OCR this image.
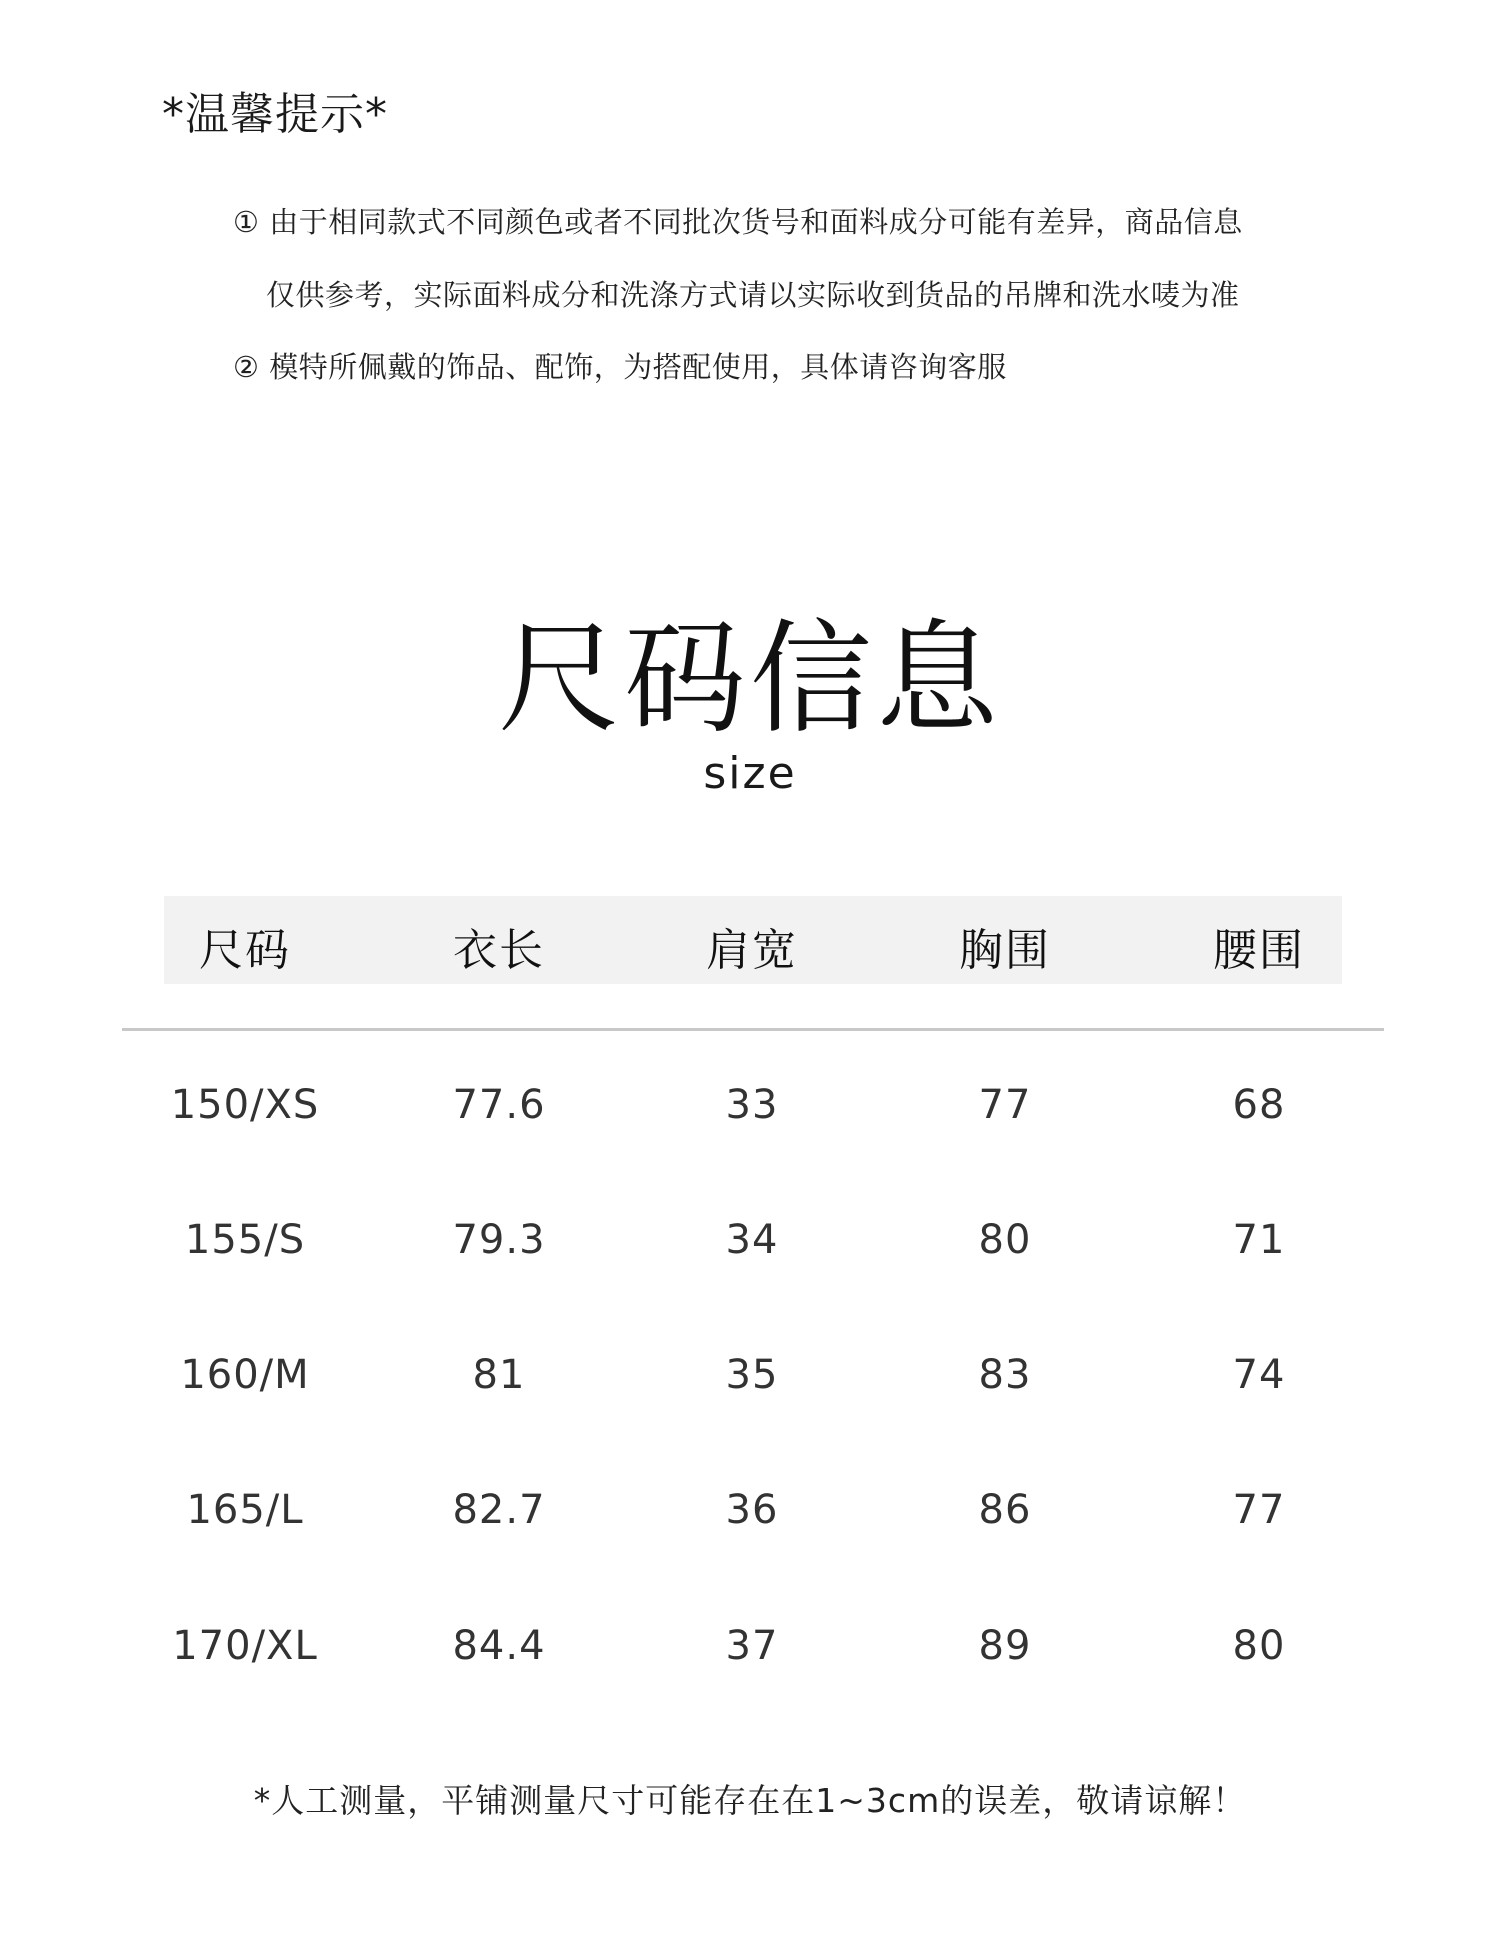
*温馨提示*
① 由于相同款式不同颜色或者不同批次货号和面料成分可能有差异，商品信息
仅供参考，实际面料成分和洗涤方式请以实际收到货品的吊牌和洗水唛为准
② 模特所佩戴的饰品、配饰，为搭配使用，具体请咨询客服
尺码信息
size
尺码	衣长	肩宽	胸围	腰围
150/XS	77.6	33	77	68
155/S	79.3	34	80	71
160/M	81	35	83	74
165/L	82.7	36	86	77
170/XL	84.4	37	89	80
*人工测量，平铺测量尺寸可能存在在1~3cm的误差，敬请谅解！
